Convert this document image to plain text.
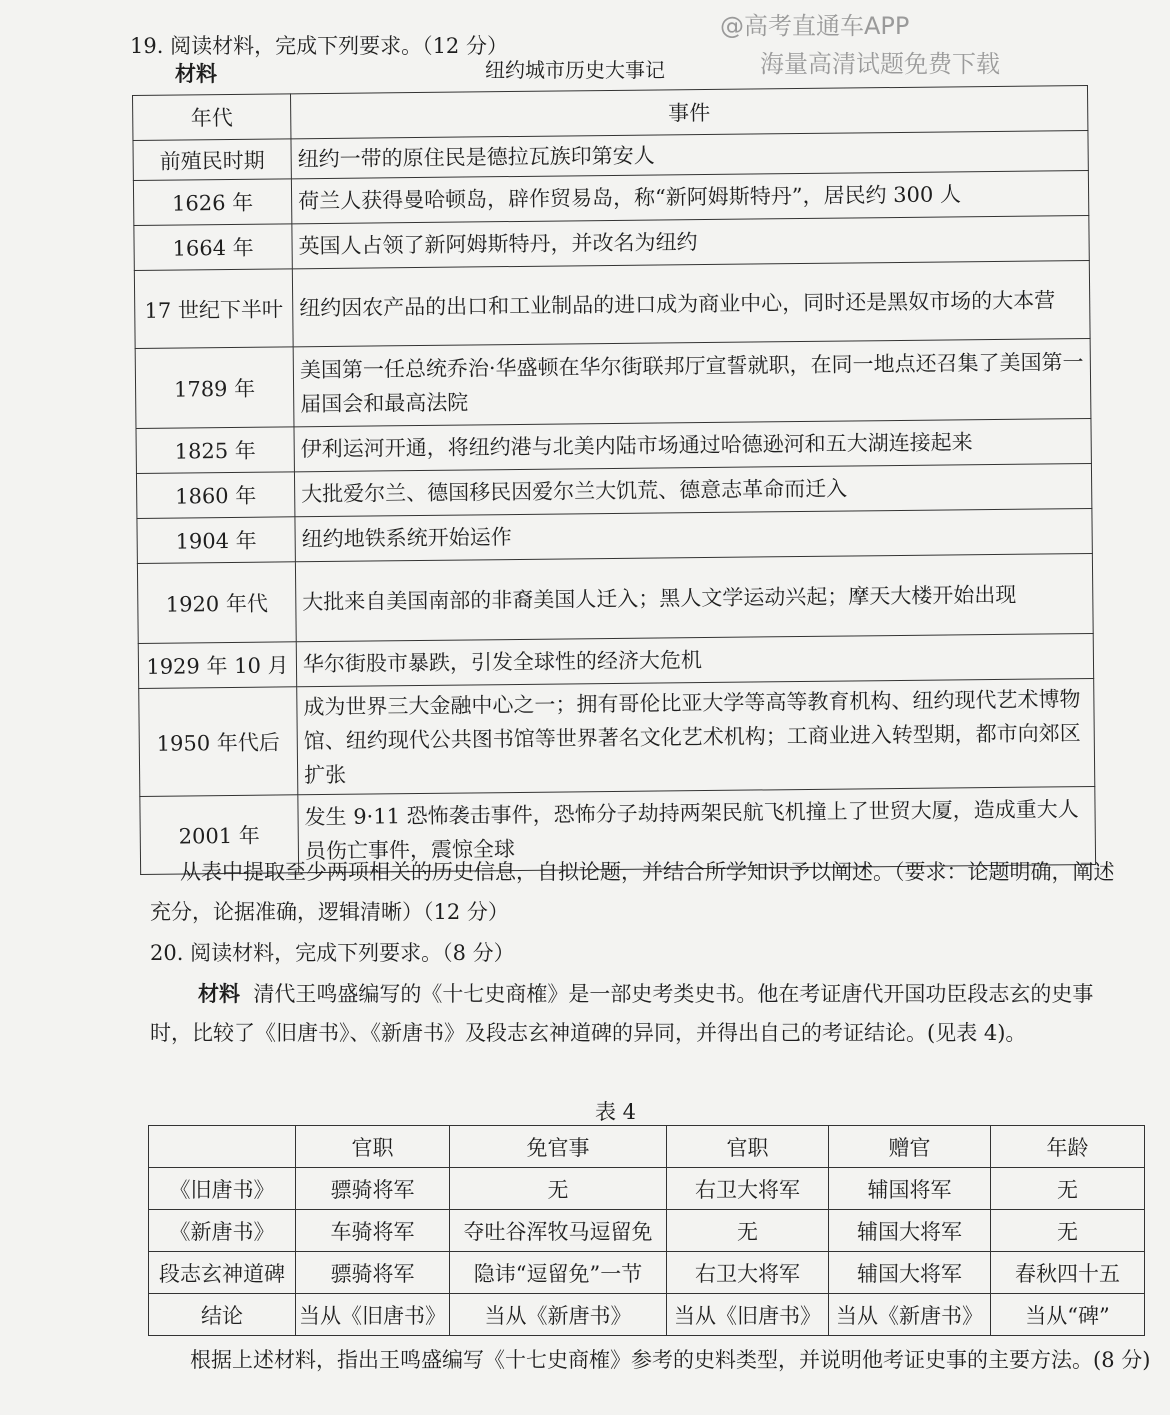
@高考直通车APP
海量高清试题免费下载
19. 阅读材料，完成下列要求。（12 分）
材料	纽约城市历史大事记
年代	事件
前殖民时期	纽约一带的原住民是德拉瓦族印第安人
1626 年	荷兰人获得曼哈顿岛，辟作贸易岛，称“新阿姆斯特丹”，居民约 300 人
1664 年	英国人占领了新阿姆斯特丹，并改名为纽约
17 世纪下半叶	纽约因农产品的出口和工业制品的进口成为商业中心，同时还是黑奴市场的大本营
1789 年	美国第一任总统乔治·华盛顿在华尔街联邦厅宣誓就职，在同一地点还召集了美国第一届国会和最高法院
1825 年	伊利运河开通，将纽约港与北美内陆市场通过哈德逊河和五大湖连接起来
1860 年	大批爱尔兰、德国移民因爱尔兰大饥荒、德意志革命而迁入
1904 年	纽约地铁系统开始运作
1920 年代	大批来自美国南部的非裔美国人迁入；黑人文学运动兴起；摩天大楼开始出现
1929 年 10 月	华尔街股市暴跌，引发全球性的经济大危机
1950 年代后	成为世界三大金融中心之一；拥有哥伦比亚大学等高等教育机构、纽约现代艺术博物馆、纽约现代公共图书馆等世界著名文化艺术机构；工商业进入转型期，都市向郊区扩张
2001 年	发生 9·11 恐怖袭击事件，恐怖分子劫持两架民航飞机撞上了世贸大厦，造成重大人员伤亡事件，震惊全球
从表中提取至少两项相关的历史信息，自拟论题，并结合所学知识予以阐述。（要求：论题明确，阐述充分，论据准确，逻辑清晰）（12 分）
20. 阅读材料，完成下列要求。（8 分）
材料 清代王鸣盛编写的《十七史商榷》是一部史考类史书。他在考证唐代开国功臣段志玄的史事时，比较了《旧唐书》、《新唐书》及段志玄神道碑的异同，并得出自己的考证结论。(见表 4)。
表 4
	官职	免官事	官职	赠官	年龄
《旧唐书》	骠骑将军	无	右卫大将军	辅国将军	无
《新唐书》	车骑将军	夺吐谷浑牧马逗留免	无	辅国大将军	无
段志玄神道碑	骠骑将军	隐讳“逗留免”一节	右卫大将军	辅国大将军	春秋四十五
结论	当从《旧唐书》	当从《新唐书》	当从《旧唐书》	当从《新唐书》	当从“碑”
根据上述材料，指出王鸣盛编写《十七史商榷》参考的史料类型，并说明他考证史事的主要方法。(8 分)
